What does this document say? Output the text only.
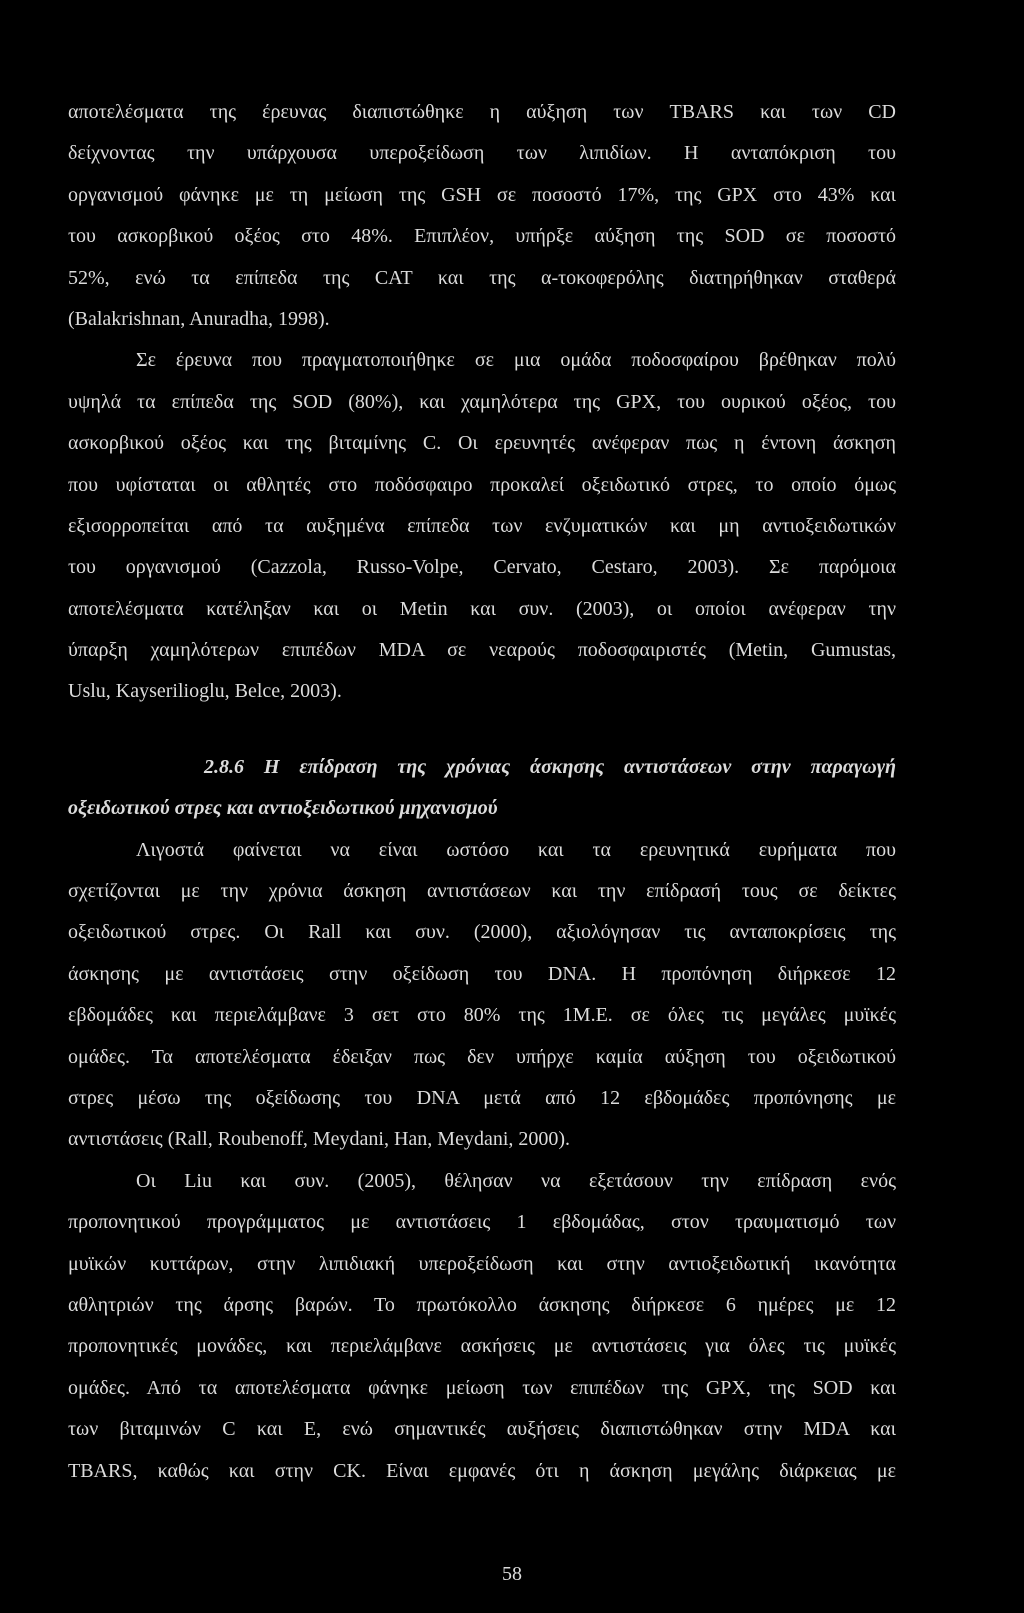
αποτελέσματα της έρευνας διαπιστώθηκε η αύξηση των TBARS και των CD
δείχνοντας την υπάρχουσα υπεροξείδωση των λιπιδίων. Η ανταπόκριση του
οργανισμού φάνηκε με τη μείωση της GSH σε ποσοστό 17%, της GPX στο 43% και
του ασκορβικού οξέος στο 48%. Επιπλέον, υπήρξε αύξηση της SOD σε ποσοστό
52%, ενώ τα επίπεδα της CAT και της α-τοκοφερόλης διατηρήθηκαν σταθερά
(Balakrishnan, Anuradha, 1998).
Σε έρευνα που πραγματοποιήθηκε σε μια ομάδα ποδοσφαίρου βρέθηκαν πολύ
υψηλά τα επίπεδα της SOD (80%), και χαμηλότερα της GPX, του ουρικού οξέος, του
ασκορβικού οξέος και της βιταμίνης C. Οι ερευνητές ανέφεραν πως η έντονη άσκηση
που υφίσταται οι αθλητές στο ποδόσφαιρο προκαλεί οξειδωτικό στρες, το οποίο όμως
εξισορροπείται από τα αυξημένα επίπεδα των ενζυματικών και μη αντιοξειδωτικών
του οργανισμού (Cazzola, Russo-Volpe, Cervato, Cestaro, 2003). Σε παρόμοια
αποτελέσματα κατέληξαν και οι Metin και συν. (2003), οι οποίοι ανέφεραν την
ύπαρξη χαμηλότερων επιπέδων MDA σε νεαρούς ποδοσφαιριστές (Metin, Gumustas,
Uslu, Kayserilioglu, Belce, 2003).
2.8.6 Η επίδραση της χρόνιας άσκησης αντιστάσεων στην παραγωγή
οξειδωτικού στρες και αντιοξειδωτικού μηχανισμού
Λιγοστά φαίνεται να είναι ωστόσο και τα ερευνητικά ευρήματα που
σχετίζονται με την χρόνια άσκηση αντιστάσεων και την επίδρασή τους σε δείκτες
οξειδωτικού στρες. Οι Rall και συν. (2000), αξιολόγησαν τις ανταποκρίσεις της
άσκησης με αντιστάσεις στην οξείδωση του DNA. Η προπόνηση διήρκεσε 12
εβδομάδες και περιελάμβανε 3 σετ στο 80% της 1M.E. σε όλες τις μεγάλες μυϊκές
ομάδες. Τα αποτελέσματα έδειξαν πως δεν υπήρχε καμία αύξηση του οξειδωτικού
στρες μέσω της οξείδωσης του DNA μετά από 12 εβδομάδες προπόνησης με
αντιστάσεις (Rall, Roubenoff, Meydani, Han, Meydani, 2000).
Οι Liu και συν. (2005), θέλησαν να εξετάσουν την επίδραση ενός
προπονητικού προγράμματος με αντιστάσεις 1 εβδομάδας, στον τραυματισμό των
μυϊκών κυττάρων, στην λιπιδιακή υπεροξείδωση και στην αντιοξειδωτική ικανότητα
αθλητριών της άρσης βαρών. Το πρωτόκολλο άσκησης διήρκεσε 6 ημέρες με 12
προπονητικές μονάδες, και περιελάμβανε ασκήσεις με αντιστάσεις για όλες τις μυϊκές
ομάδες. Από τα αποτελέσματα φάνηκε μείωση των επιπέδων της GPX, της SOD και
των βιταμινών C και E, ενώ σημαντικές αυξήσεις διαπιστώθηκαν στην MDA και
TBARS, καθώς και στην CK. Είναι εμφανές ότι η άσκηση μεγάλης διάρκειας με
58
